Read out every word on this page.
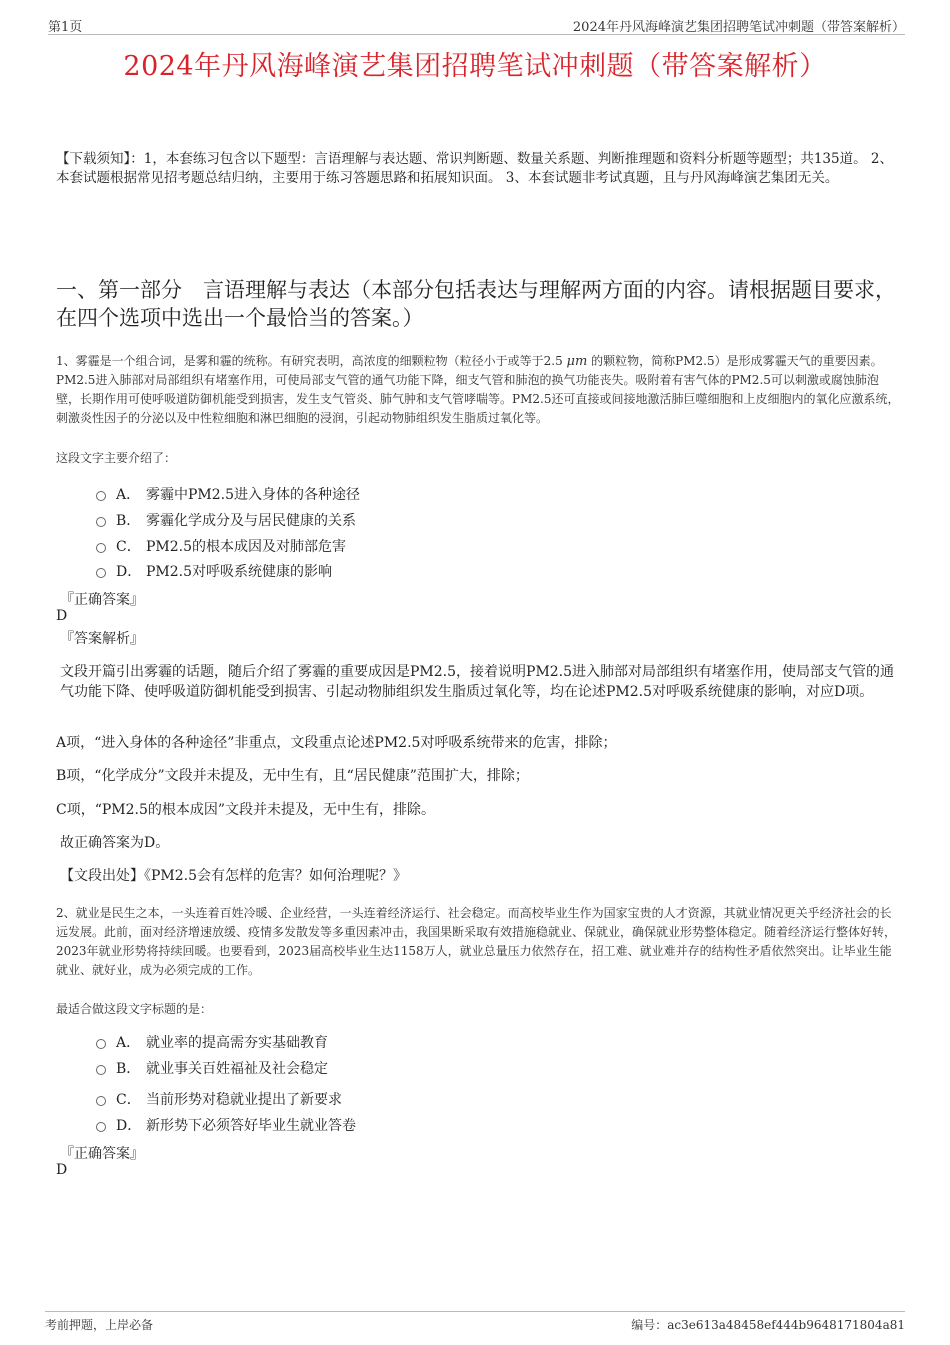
第1页	2024年丹风海峰演艺集团招聘笔试冲刺题（带答案解析）
2024年丹风海峰演艺集团招聘笔试冲刺题（带答案解析）
【下载须知】：1，本套练习包含以下题型：言语理解与表达题、常识判断题、数量关系题、判断推理题和资料分析题等题型；共135道。 2、本套试题根据常见招考题总结归纳，主要用于练习答题思路和拓展知识面。 3、本套试题非考试真题，且与丹风海峰演艺集团无关。
一、第一部分　言语理解与表达（本部分包括表达与理解两方面的内容。请根据题目要求，在四个选项中选出一个最恰当的答案。）
1、雾霾是一个组合词，是雾和霾的统称。有研究表明，高浓度的细颗粒物（粒径小于或等于2.5 μm 的颗粒物，简称PM2.5）是形成雾霾天气的重要因素。PM2.5进入肺部对局部组织有堵塞作用，可使局部支气管的通气功能下降，细支气管和肺泡的换气功能丧失。吸附着有害气体的PM2.5可以刺激或腐蚀肺泡壁，长期作用可使呼吸道防御机能受到损害，发生支气管炎、肺气肿和支气管哮喘等。PM2.5还可直接或间接地激活肺巨噬细胞和上皮细胞内的氧化应激系统，刺激炎性因子的分泌以及中性粒细胞和淋巴细胞的浸润，引起动物肺组织发生脂质过氧化等。
这段文字主要介绍了：
A． 雾霾中PM2.5进入身体的各种途径
B． 雾霾化学成分及与居民健康的关系
C． PM2.5的根本成因及对肺部危害
D． PM2.5对呼吸系统健康的影响
『正确答案』
D
『答案解析』
文段开篇引出雾霾的话题，随后介绍了雾霾的重要成因是PM2.5，接着说明PM2.5进入肺部对局部组织有堵塞作用，使局部支气管的通气功能下降、使呼吸道防御机能受到损害、引起动物肺组织发生脂质过氧化等，均在论述PM2.5对呼吸系统健康的影响，对应D项。
A项，“进入身体的各种途径”非重点，文段重点论述PM2.5对呼吸系统带来的危害，排除；
B项，“化学成分”文段并未提及，无中生有，且“居民健康”范围扩大，排除；
C项，“PM2.5的根本成因”文段并未提及，无中生有，排除。
故正确答案为D。
【文段出处】《PM2.5会有怎样的危害？如何治理呢？》
2、就业是民生之本，一头连着百姓冷暖、企业经营，一头连着经济运行、社会稳定。而高校毕业生作为国家宝贵的人才资源，其就业情况更关乎经济社会的长远发展。此前，面对经济增速放缓、疫情多发散发等多重因素冲击，我国果断采取有效措施稳就业、保就业，确保就业形势整体稳定。随着经济运行整体好转，2023年就业形势将持续回暖。也要看到，2023届高校毕业生达1158万人，就业总量压力依然存在，招工难、就业难并存的结构性矛盾依然突出。让毕业生能就业、就好业，成为必须完成的工作。
最适合做这段文字标题的是：
A． 就业率的提高需夯实基础教育
B． 就业事关百姓福祉及社会稳定
C． 当前形势对稳就业提出了新要求
D． 新形势下必须答好毕业生就业答卷
『正确答案』
D
考前押题，上岸必备	编号：ac3e613a48458ef444b9648171804a81
